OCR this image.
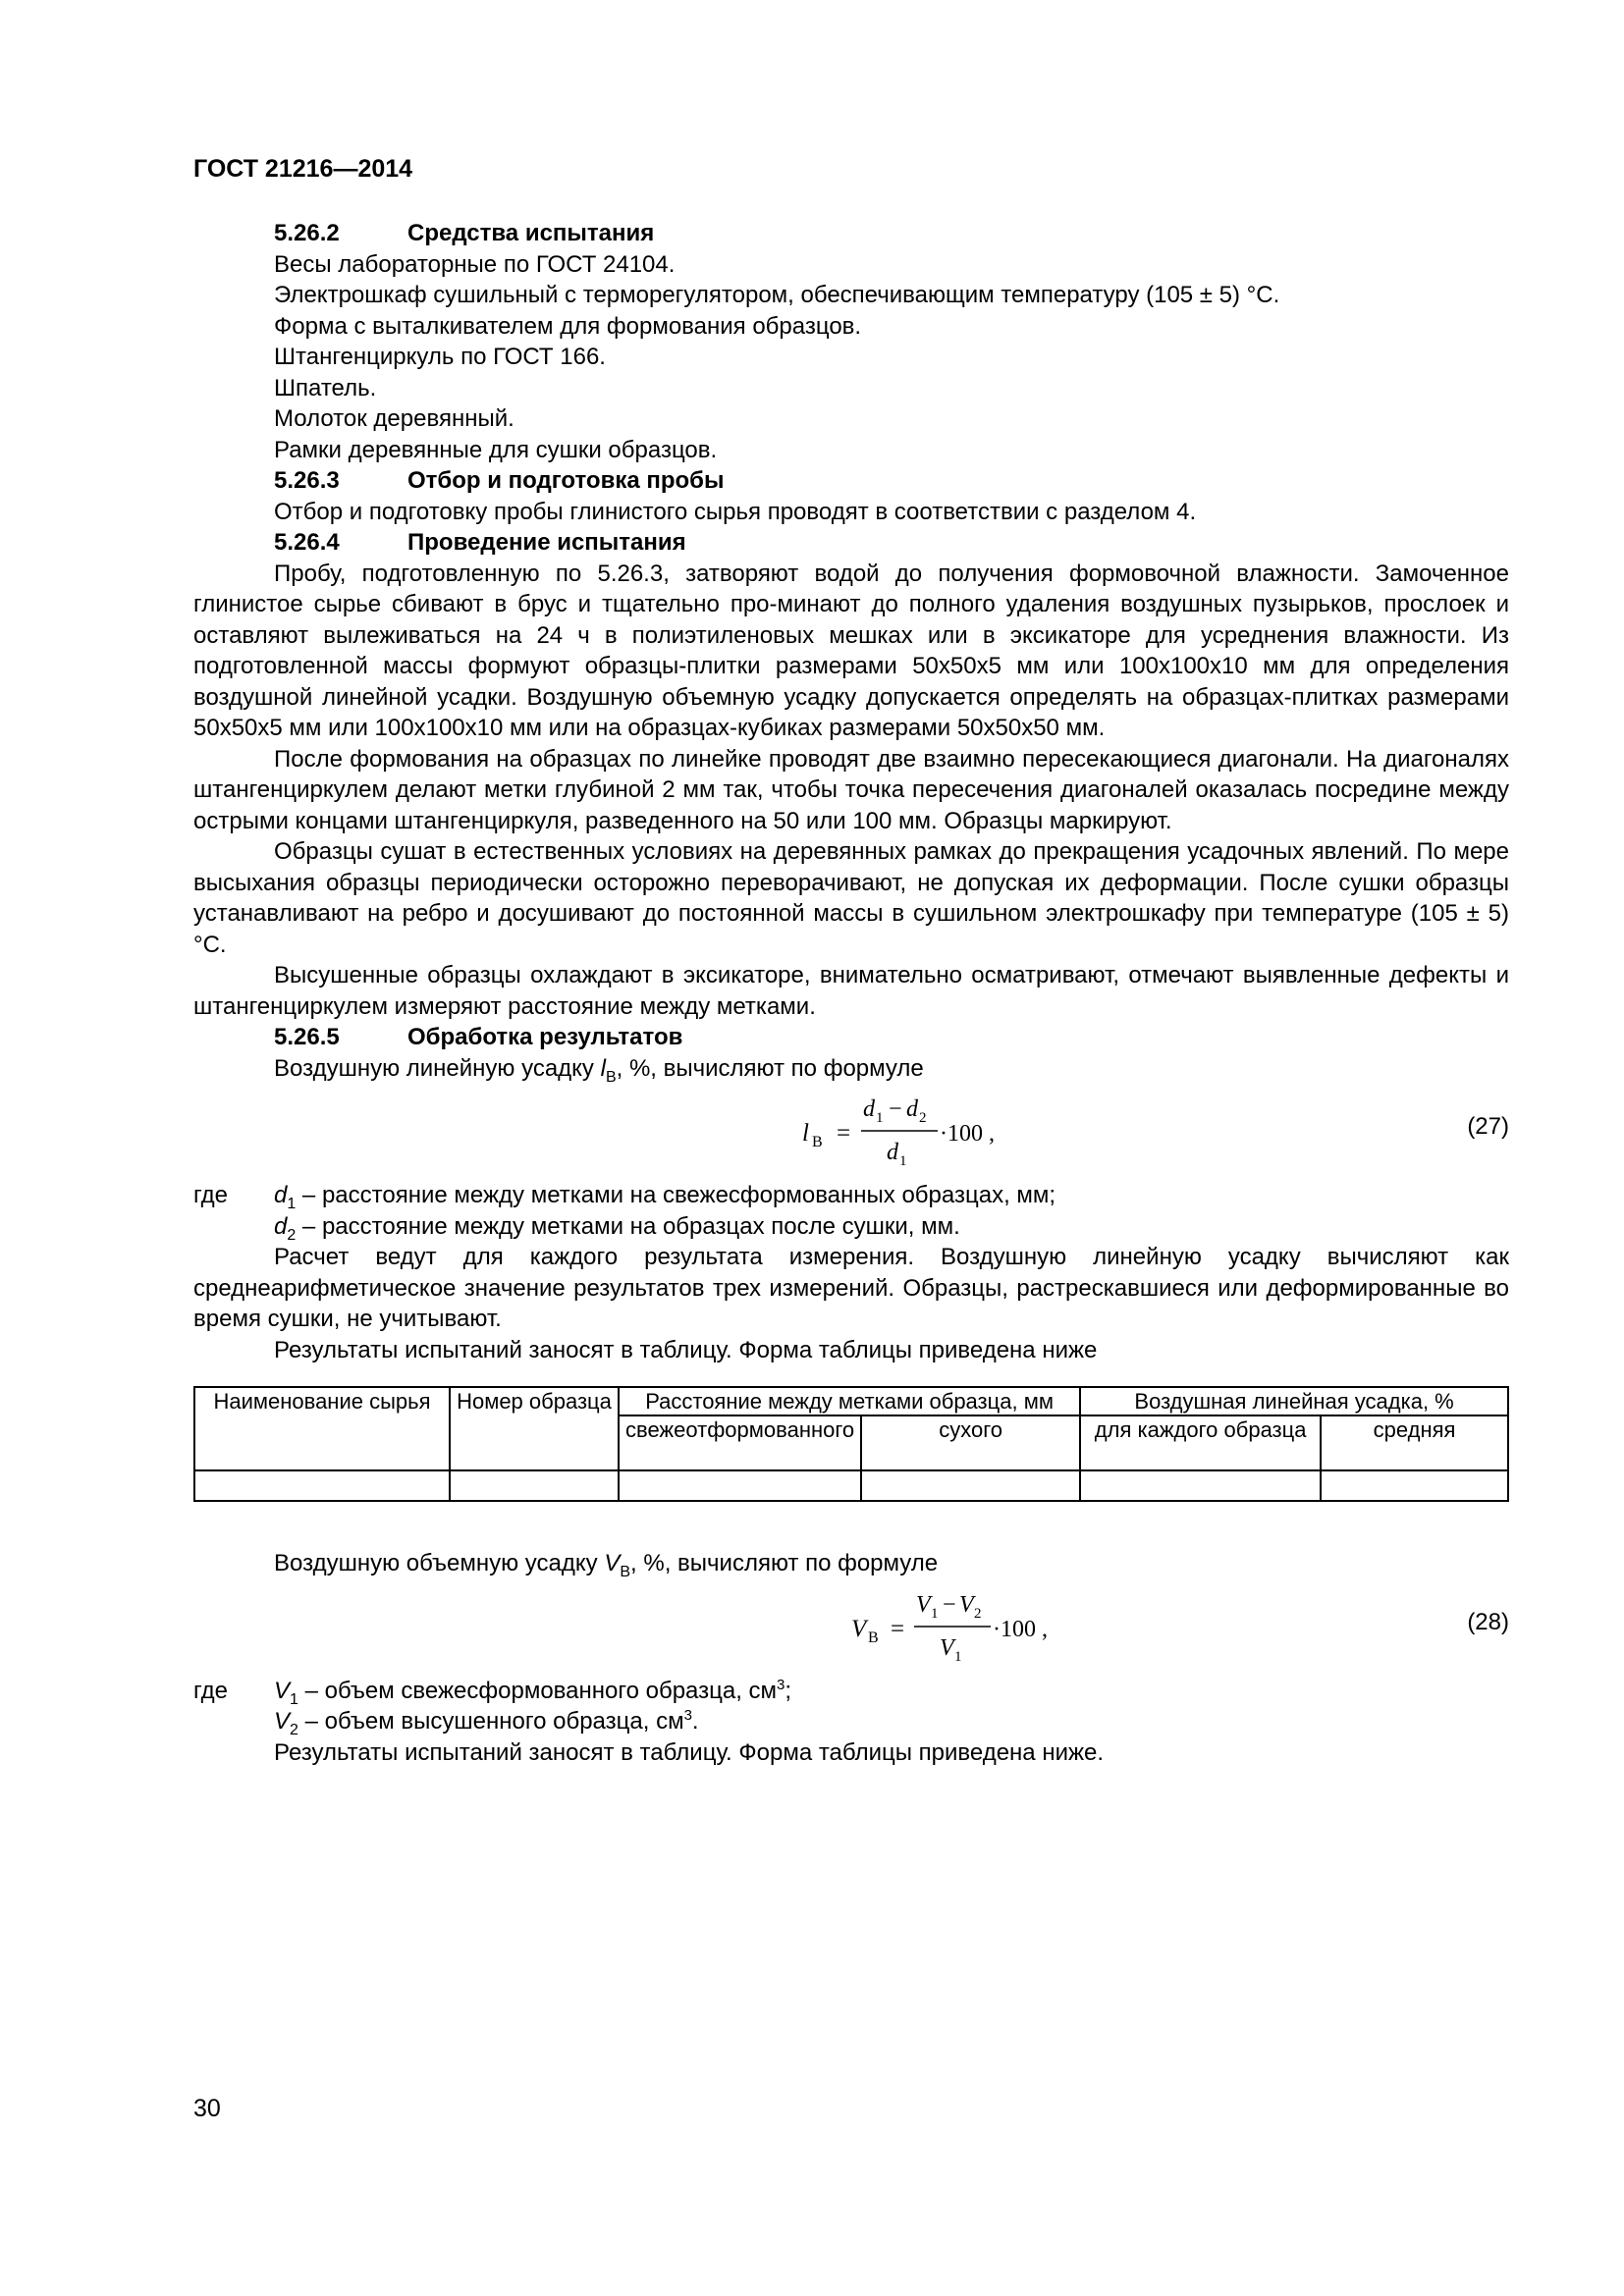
ГОСТ 21216—2014

5.26.2	Средства испытания

Весы лабораторные по ГОСТ 24104.

Электрошкаф сушильный с терморегулятором, обеспечивающим температуру (105 ± 5) °С.

Форма с выталкивателем для формования образцов.

Штангенциркуль по ГОСТ 166.

Шпатель.

Молоток деревянный.

Рамки деревянные для сушки образцов.

5.26.3	Отбор и подготовка пробы

Отбор и подготовку пробы глинистого сырья проводят в соответствии с разделом 4.

5.26.4	Проведение испытания

Пробу, подготовленную по 5.26.3, затворяют водой до получения формовочной влажности. Замоченное глинистое сырье сбивают в брус и тщательно про-минают до полного удаления воздушных пузырьков, прослоек и оставляют вылеживаться на 24 ч в полиэтиленовых мешках или в эксикаторе для усреднения влажности. Из подготовленной массы формуют образцы-плитки размерами 50х50х5 мм или 100х100х10 мм для определения воздушной линейной усадки. Воздушную объемную усадку допускается определять на образцах-плитках размерами 50х50х5 мм или 100х100х10 мм или на образцах-кубиках размерами 50х50х50 мм.

После формования на образцах по линейке проводят две взаимно пересекающиеся диагонали. На диагоналях штангенциркулем делают метки глубиной 2 мм так, чтобы точка пересечения диагоналей оказалась посредине между острыми концами штангенциркуля, разведенного на 50 или 100 мм. Образцы маркируют.

Образцы сушат в естественных условиях на деревянных рамках до прекращения усадочных явлений. По мере высыхания образцы периодически осторожно переворачивают, не допуская их деформации. После сушки образцы устанавливают на ребро и досушивают до постоянной массы в сушильном электрошкафу при температуре (105 ± 5) °С.

Высушенные образцы охлаждают в эксикаторе, внимательно осматривают, отмечают выявленные дефекты и штангенциркулем измеряют расстояние между метками.

5.26.5	Обработка результатов

Воздушную линейную усадку $l_В$, %, вычисляют по формуле

l В =
d 1 − d 2
d 1
·100 ,	(27)

где $d_1$ – расстояние между метками на свежесформованных образцах, мм;

$d_2$ – расстояние между метками на образцах после сушки, мм.

Расчет ведут для каждого результата измерения. Воздушную линейную усадку вычисляют как среднеарифметическое значение результатов трех измерений. Образцы, растрескавшиеся или деформированные во время сушки, не учитывают.

Результаты испытаний заносят в таблицу. Форма таблицы приведена ниже

Наименование сырья	Номер образца	Расстояние между метками образца, мм		Воздушная линейная усадка, %	
		свежеотформованного	сухого	для каждого образца	средняя

Воздушную объемную усадку $V_В$, %, вычисляют по формуле

V В =
V 1 − V 2
V 1
·100 ,	(28)

где $V_1$ – объем свежесформованного образца, $см^3$;

$V_2$ – объем высушенного образца, $см^3$.

Результаты испытаний заносят в таблицу. Форма таблицы приведена ниже.

30
